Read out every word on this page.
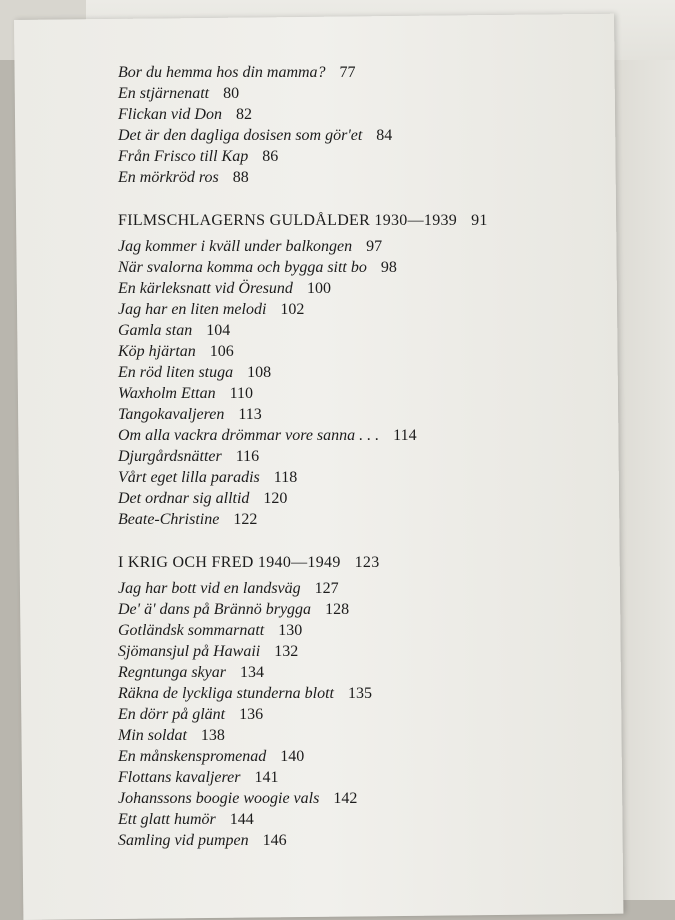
Bor du hemma hos din mamma? 77
En stjärnenatt 80
Flickan vid Don 82
Det är den dagliga dosisen som gör'et 84
Från Frisco till Kap 86
En mörkröd ros 88
FILMSCHLAGERNS GULDÅLDER 1930—1939 91
Jag kommer i kväll under balkongen 97
När svalorna komma och bygga sitt bo 98
En kärleksnatt vid Öresund 100
Jag har en liten melodi 102
Gamla stan 104
Köp hjärtan 106
En röd liten stuga 108
Waxholm Ettan 110
Tangokavaljeren 113
Om alla vackra drömmar vore sanna . . . 114
Djurgårdsnätter 116
Vårt eget lilla paradis 118
Det ordnar sig alltid 120
Beate-Christine 122
I KRIG OCH FRED 1940—1949 123
Jag har bott vid en landsväg 127
De' ä' dans på Brännö brygga 128
Gotländsk sommarnatt 130
Sjömansjul på Hawaii 132
Regntunga skyar 134
Räkna de lyckliga stunderna blott 135
En dörr på glänt 136
Min soldat 138
En månskenspromenad 140
Flottans kavaljerer 141
Johanssons boogie woogie vals 142
Ett glatt humör 144
Samling vid pumpen 146
